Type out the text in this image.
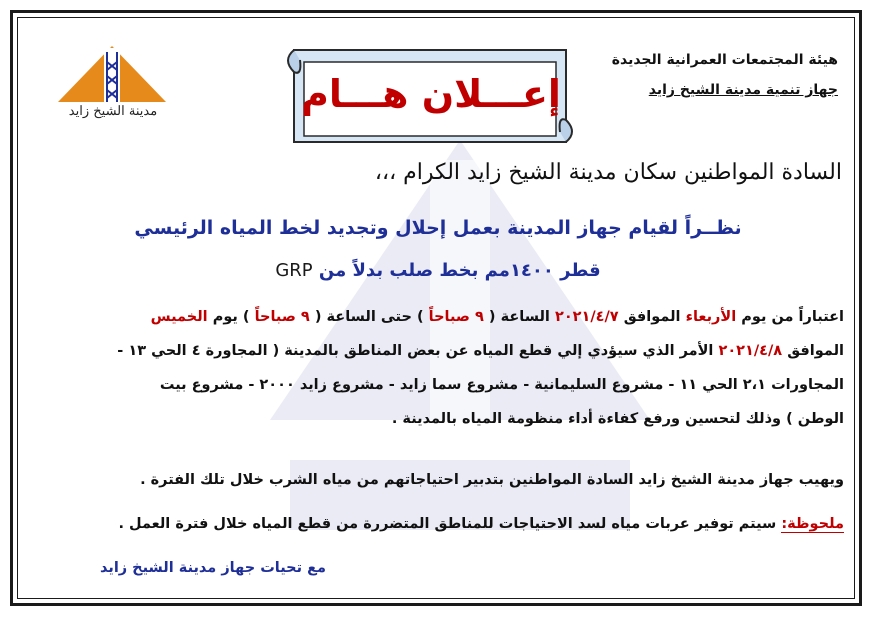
مدينة الشيخ زايد	إعـــلان هـــام
هيئة المجتمعات العمرانية الجديدة
جهاز تنمية مدينة الشيخ زايد
السادة المواطنين سكان مدينة الشيخ زايد الكرام ،،،
نظــراً لقيام جهاز المدينة بعمل إحلال وتجديد لخط المياه الرئيسي
قطر ١٤٠٠مم بخط صلب بدلاً من GRP
اعتباراً من يوم الأربعاء الموافق ٢٠٢١/٤/٧ الساعة ( ٩ صباحاً ) حتى الساعة ( ٩ صباحاً ) يوم الخميس
الموافق ٢٠٢١/٤/٨ الأمر الذي سيؤدي إلي قطع المياه عن بعض المناطق بالمدينة ( المجاورة ٤ الحي ١٣ -
المجاورات ٢،١ الحي ١١ - مشروع السليمانية - مشروع سما زايد - مشروع زايد ٢٠٠٠ - مشروع بيت
الوطن ) وذلك لتحسين ورفع كفاءة أداء منظومة المياه بالمدينة .
ويهيب جهاز مدينة الشيخ زايد السادة المواطنين بتدبير احتياجاتهم من مياه الشرب خلال تلك الفترة .
ملحوظة: سيتم توفير عربات مياه لسد الاحتياجات للمناطق المتضررة من قطع المياه خلال فترة العمل .
مع تحيات جهاز مدينة الشيخ زايد
